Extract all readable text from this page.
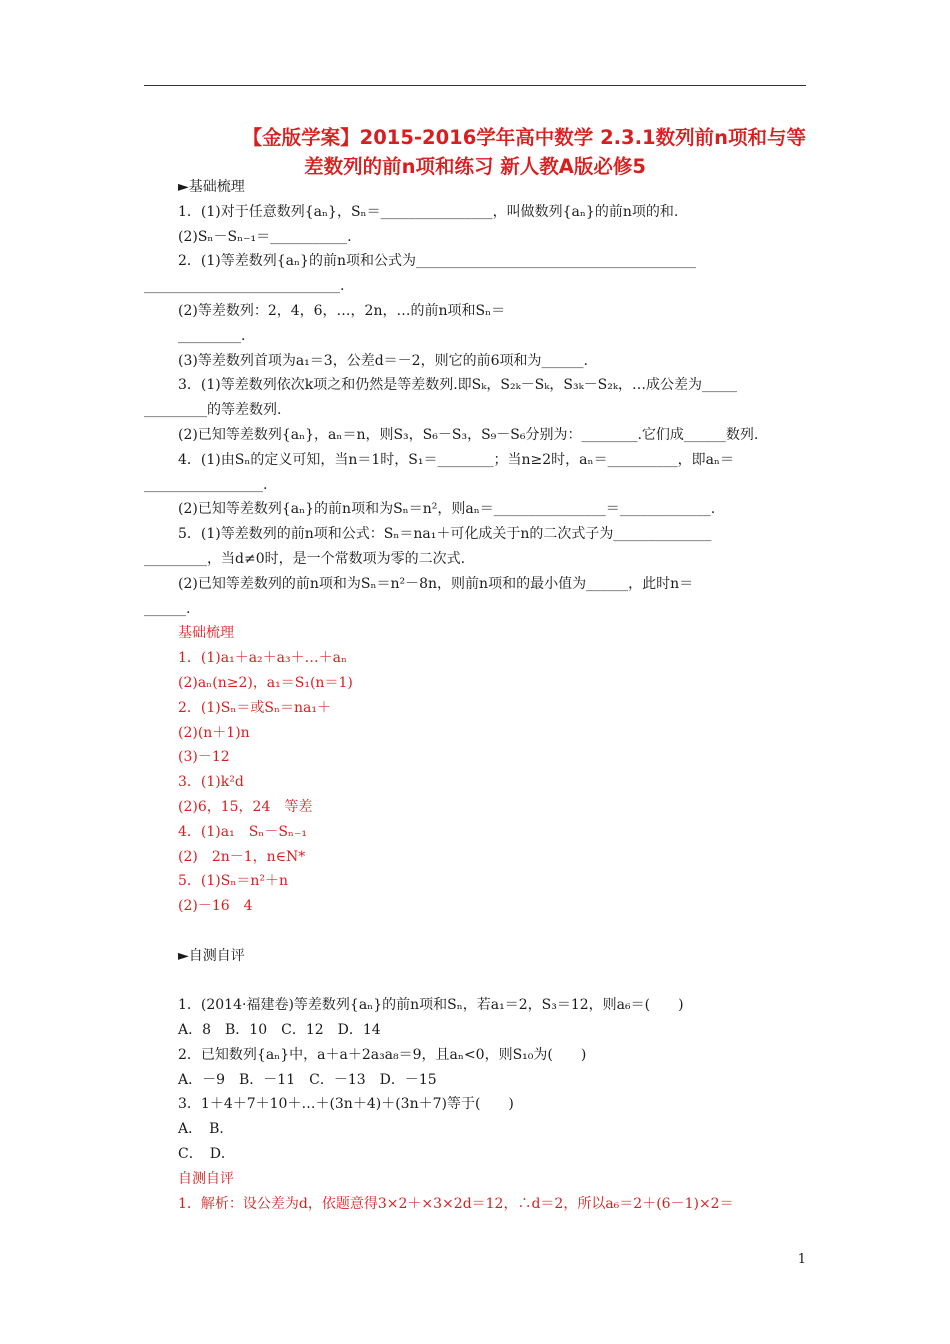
【金版学案】2015-2016学年高中数学 2.3.1数列前n项和与等
差数列的前n项和练习 新人教A版必修5
►基础梳理
1．(1)对于任意数列{aₙ}，Sₙ＝________________，叫做数列{aₙ}的前n项的和.
(2)Sₙ－Sₙ₋₁＝___________.
2．(1)等差数列{aₙ}的前n项和公式为________________________________________
____________________________.
(2)等差数列：2，4，6，…，2n，…的前n项和Sₙ＝
_________.
(3)等差数列首项为a₁＝3，公差d＝－2，则它的前6项和为______.
3．(1)等差数列依次k项之和仍然是等差数列.即Sₖ，S₂ₖ－Sₖ，S₃ₖ－S₂ₖ，…成公差为_____
_________的等差数列.
(2)已知等差数列{aₙ}，aₙ＝n，则S₃，S₆－S₃，S₉－S₆分别为：________.它们成______数列.
4．(1)由Sₙ的定义可知，当n＝1时，S₁＝________；当n≥2时，aₙ＝__________，即aₙ＝
_________________.
(2)已知等差数列{aₙ}的前n项和为Sₙ＝n²，则aₙ＝________________＝_____________.
5．(1)等差数列的前n项和公式：Sₙ＝na₁＋可化成关于n的二次式子为______________
_________，当d≠0时，是一个常数项为零的二次式.
(2)已知等差数列的前n项和为Sₙ＝n²－8n，则前n项和的最小值为______，此时n＝
______.
基础梳理
1．(1)a₁＋a₂＋a₃＋…＋aₙ
(2)aₙ(n≥2)，a₁＝S₁(n＝1)
2．(1)Sₙ＝或Sₙ＝na₁＋
(2)(n＋1)n
(3)－12
3．(1)k²d
(2)6，15，24　等差
4．(1)a₁　Sₙ－Sₙ₋₁
(2)　2n－1，n∈N*
5．(1)Sₙ＝n²＋n
(2)－16　4
►自测自评
1．(2014·福建卷)等差数列{aₙ}的前n项和Sₙ，若a₁＝2，S₃＝12，则a₆＝(　　)
A．8　B．10　C．12　D．14
2．已知数列{aₙ}中，a＋a＋2a₃a₈＝9，且aₙ<0，则S₁₀为(　　)
A．－9　B．－11　C．－13　D．－15
3．1＋4＋7＋10＋…＋(3n＋4)＋(3n＋7)等于(　　)
A．　B．
C．　D．
自测自评
1．解析：设公差为d，依题意得3×2＋×3×2d＝12，∴d＝2，所以a₆＝2＋(6－1)×2＝
1
